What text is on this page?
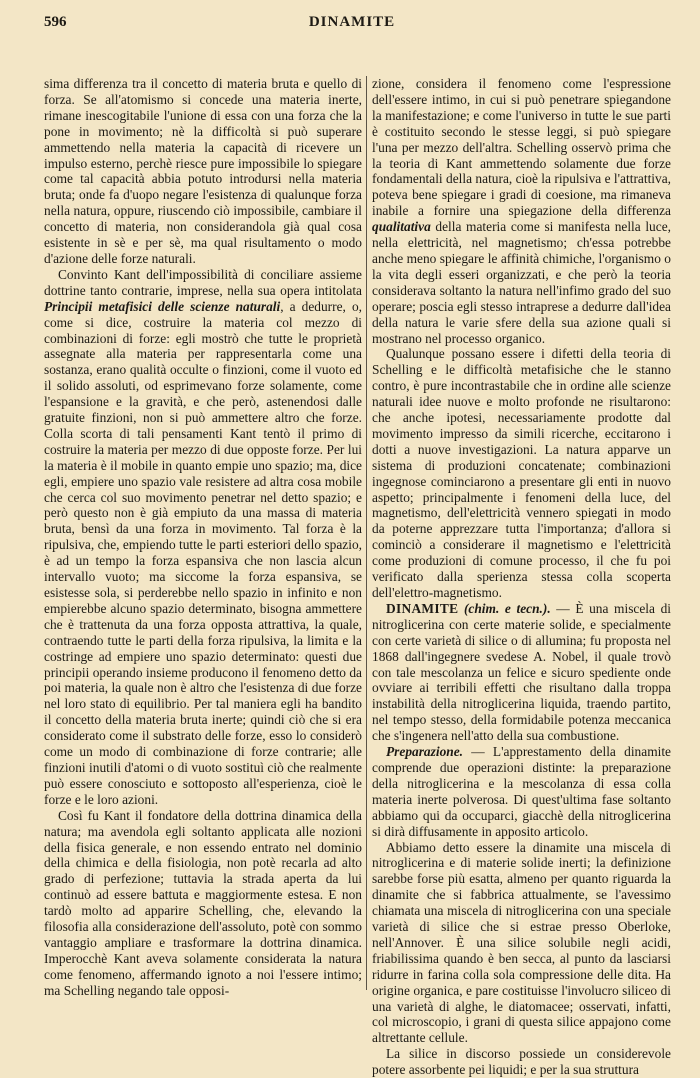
596	DINAMITE

sima differenza tra il concetto di materia bruta e quello di forza. Se all'atomismo si concede una materia inerte, rimane inescogitabile l'unione di essa con una forza che la pone in movimento; nè la difficoltà si può superare ammettendo nella materia la capacità di ricevere un impulso esterno, perchè riesce pure impossibile lo spiegare come tal capacità abbia potuto introdursi nella materia bruta; onde fa d'uopo negare l'esistenza di qualunque forza nella natura, oppure, riuscendo ciò impossibile, cambiare il concetto di materia, non considerandola già qual cosa esistente in sè e per sè, ma qual risultamento o modo d'azione delle forze naturali.

Convinto Kant dell'impossibilità di conciliare assieme dottrine tanto contrarie, imprese, nella sua opera intitolata Principii metafisici delle scienze naturali, a dedurre, o, come si dice, costruire la materia col mezzo di combinazioni di forze: egli mostrò che tutte le proprietà assegnate alla materia per rappresentarla come una sostanza, erano qualità occulte o finzioni, come il vuoto ed il solido assoluti, od esprimevano forze solamente, come l'espansione e la gravità, e che però, astenendosi dalle gratuite finzioni, non si può ammettere altro che forze. Colla scorta di tali pensamenti Kant tentò il primo di costruire la materia per mezzo di due opposte forze. Per lui la materia è il mobile in quanto empie uno spazio; ma, dice egli, empiere uno spazio vale resistere ad altra cosa mobile che cerca col suo movimento penetrar nel detto spazio; e però questo non è già empiuto da una massa di materia bruta, bensì da una forza in movimento. Tal forza è la ripulsiva, che, empiendo tutte le parti esteriori dello spazio, è ad un tempo la forza espansiva che non lascia alcun intervallo vuoto; ma siccome la forza espansiva, se esistesse sola, si perderebbe nello spazio in infinito e non empierebbe alcuno spazio determinato, bisogna ammettere che è trattenuta da una forza opposta attrattiva, la quale, contraendo tutte le parti della forza ripulsiva, la limita e la costringe ad empiere uno spazio determinato: questi due principii operando insieme producono il fenomeno detto da poi materia, la quale non è altro che l'esistenza di due forze nel loro stato di equilibrio. Per tal maniera egli ha bandito il concetto della materia bruta inerte; quindi ciò che si era considerato come il substrato delle forze, esso lo considerò come un modo di combinazione di forze contrarie; alle finzioni inutili d'atomi o di vuoto sostituì ciò che realmente può essere conosciuto e sottoposto all'esperienza, cioè le forze e le loro azioni.

Così fu Kant il fondatore della dottrina dinamica della natura; ma avendola egli soltanto applicata alle nozioni della fisica generale, e non essendo entrato nel dominio della chimica e della fisiologia, non potè recarla ad alto grado di perfezione; tuttavia la strada aperta da lui continuò ad essere battuta e maggiormente estesa. E non tardò molto ad apparire Schelling, che, elevando la filosofia alla considerazione dell'assoluto, potè con sommo vantaggio ampliare e trasformare la dottrina dinamica. Imperocchè Kant aveva solamente considerata la natura come fenomeno, affermando ignoto a noi l'essere intimo; ma Schelling negando tale opposi-

zione, considera il fenomeno come l'espressione dell'essere intimo, in cui si può penetrare spiegandone la manifestazione; e come l'universo in tutte le sue parti è costituito secondo le stesse leggi, si può spiegare l'una per mezzo dell'altra. Schelling osservò prima che la teoria di Kant ammettendo solamente due forze fondamentali della natura, cioè la ripulsiva e l'attrattiva, poteva bene spiegare i gradi di coesione, ma rimaneva inabile a fornire una spiegazione della differenza qualitativa della materia come si manifesta nella luce, nella elettricità, nel magnetismo; ch'essa potrebbe anche meno spiegare le affinità chimiche, l'organismo o la vita degli esseri organizzati, e che però la teoria considerava soltanto la natura nell'infimo grado del suo operare; poscia egli stesso intraprese a dedurre dall'idea della natura le varie sfere della sua azione quali si mostrano nel processo organico.

Qualunque possano essere i difetti della teoria di Schelling e le difficoltà metafisiche che le stanno contro, è pure incontrastabile che in ordine alle scienze naturali idee nuove e molto profonde ne risultarono: che anche ipotesi, necessariamente prodotte dal movimento impresso da simili ricerche, eccitarono i dotti a nuove investigazioni. La natura apparve un sistema di produzioni concatenate; combinazioni ingegnose cominciarono a presentare gli enti in nuovo aspetto; principalmente i fenomeni della luce, del magnetismo, dell'elettricità vennero spiegati in modo da poterne apprezzare tutta l'importanza; d'allora si cominciò a considerare il magnetismo e l'elettricità come produzioni di comune processo, il che fu poi verificato dalla sperienza stessa colla scoperta dell'elettro-magnetismo.

DINAMITE (chim. e tecn.). — È una miscela di nitroglicerina con certe materie solide, e specialmente con certe varietà di silice o di allumina; fu proposta nel 1868 dall'ingegnere svedese A. Nobel, il quale trovò con tale mescolanza un felice e sicuro spediente onde ovviare ai terribili effetti che risultano dalla troppa instabilità della nitroglicerina liquida, traendo partito, nel tempo stesso, della formidabile potenza meccanica che s'ingenera nell'atto della sua combustione.

Preparazione. — L'apprestamento della dinamite comprende due operazioni distinte: la preparazione della nitroglicerina e la mescolanza di essa colla materia inerte polverosa. Di quest'ultima fase soltanto abbiamo qui da occuparci, giacchè della nitroglicerina si dirà diffusamente in apposito articolo.

Abbiamo detto essere la dinamite una miscela di nitroglicerina e di materie solide inerti; la definizione sarebbe forse più esatta, almeno per quanto riguarda la dinamite che si fabbrica attualmente, se l'avessimo chiamata una miscela di nitroglicerina con una speciale varietà di silice che si estrae presso Oberloke, nell'Annover. È una silice solubile negli acidi, friabilissima quando è ben secca, al punto da lasciarsi ridurre in farina colla sola compressione delle dita. Ha origine organica, e pare costituisse l'involucro siliceo di una varietà di alghe, le diatomacee; osservati, infatti, col microscopio, i grani di questa silice appajono come altrettante cellule.

La silice in discorso possiede un considerevole potere assorbente pei liquidi; e per la sua struttura
